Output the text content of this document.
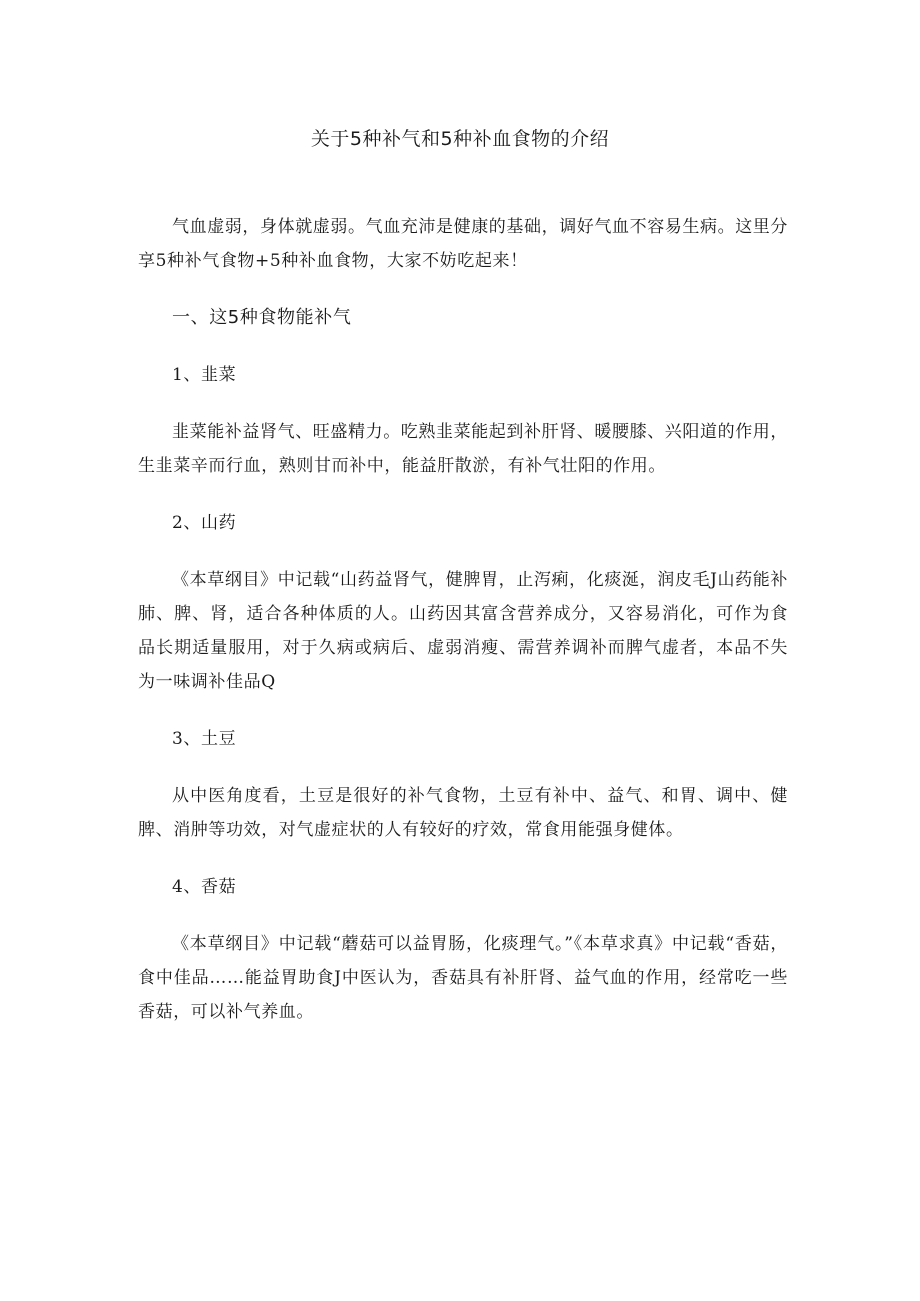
关于5种补气和5种补血食物的介绍

气血虚弱，身体就虚弱。气血充沛是健康的基础，调好气血不容易生病。这里分享5种补气食物+5种补血食物，大家不妨吃起来！

一、这5种食物能补气

1、韭菜

韭菜能补益肾气、旺盛精力。吃熟韭菜能起到补肝肾、暖腰膝、兴阳道的作用，生韭菜辛而行血，熟则甘而补中，能益肝散淤，有补气壮阳的作用。

2、山药

《本草纲目》中记载“山药益肾气，健脾胃，止泻痢，化痰涎，润皮毛J山药能补肺、脾、肾，适合各种体质的人。山药因其富含营养成分，又容易消化，可作为食品长期适量服用，对于久病或病后、虚弱消瘦、需营养调补而脾气虚者，本品不失为一味调补佳品Q

3、土豆

从中医角度看，土豆是很好的补气食物，土豆有补中、益气、和胃、调中、健脾、消肿等功效，对气虚症状的人有较好的疗效，常食用能强身健体。

4、香菇

《本草纲目》中记载“蘑菇可以益胃肠，化痰理气。”《本草求真》中记载“香菇，食中佳品……能益胃助食J中医认为，香菇具有补肝肾、益气血的作用，经常吃一些香菇，可以补气养血。
